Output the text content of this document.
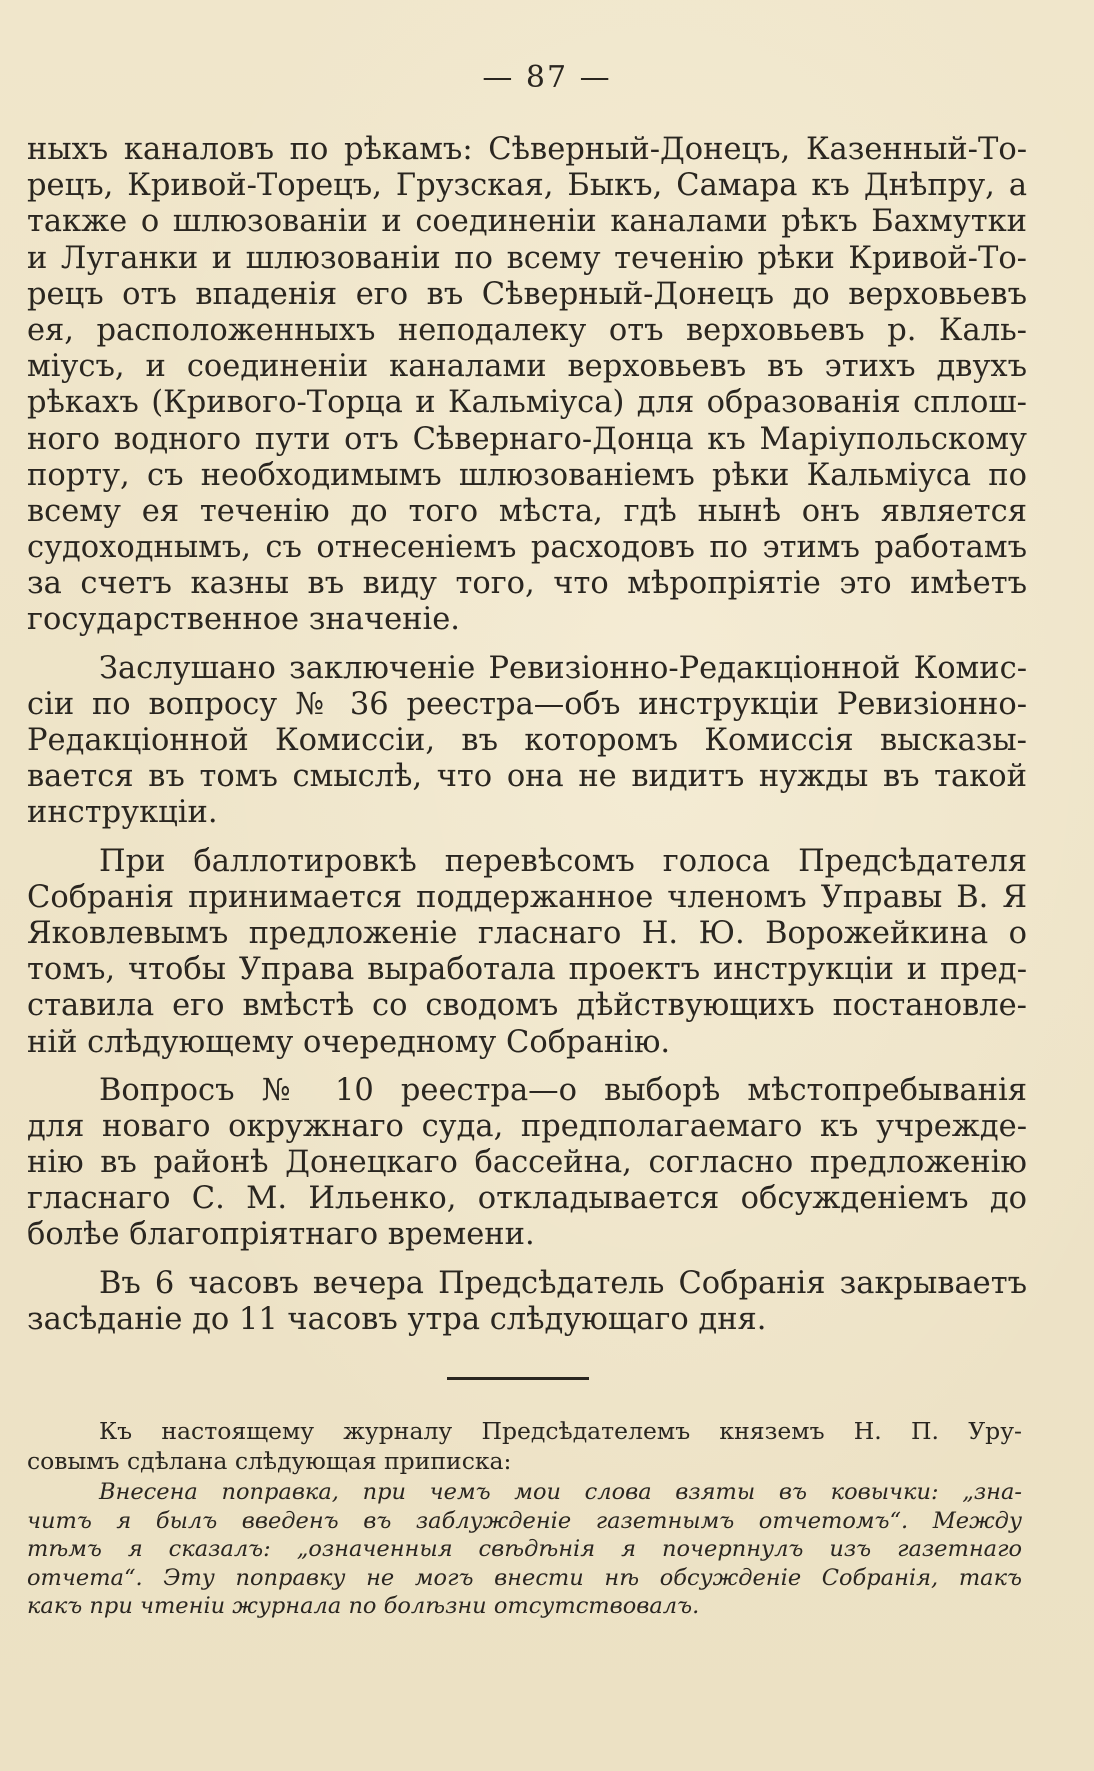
— 87 —
ныхъ каналовъ по рѣкамъ: Сѣверный-Донецъ, Казенный-То-
рецъ, Кривой-Торецъ, Грузская, Быкъ, Самара къ Днѣпру, а
также о шлюзованіи и соединеніи каналами рѣкъ Бахмутки
и Луганки и шлюзованіи по всему теченію рѣки Кривой-То-
рецъ отъ впаденія его въ Сѣверный-Донецъ до верховьевъ
ея, расположенныхъ неподалеку отъ верховьевъ р. Каль-
міусъ, и соединеніи каналами верховьевъ въ этихъ двухъ
рѣкахъ (Кривого-Торца и Кальміуса) для образованія сплош-
ного водного пути отъ Сѣвернаго-Донца къ Маріупольскому
порту, съ необходимымъ шлюзованіемъ рѣки Кальміуса по
всему ея теченію до того мѣста, гдѣ нынѣ онъ является
судоходнымъ, съ отнесеніемъ расходовъ по этимъ работамъ
за счетъ казны въ виду того, что мѣропріятіе это имѣетъ
государственное значеніе.
Заслушано заключеніе Ревизіонно-Редакціонной Комис-
сіи по вопросу № 36 реестра—объ инструкціи Ревизіонно-
Редакціонной Комиссіи, въ которомъ Комиссія высказы-
вается въ томъ смыслѣ, что она не видитъ нужды въ такой
инструкціи.
При баллотировкѣ перевѣсомъ голоса Предсѣдателя
Собранія принимается поддержанное членомъ Управы В. Я
Яковлевымъ предложеніе гласнаго Н. Ю. Ворожейкина о
томъ, чтобы Управа выработала проектъ инструкціи и пред-
ставила его вмѣстѣ со сводомъ дѣйствующихъ постановле-
ній слѣдующему очередному Собранію.
Вопросъ № 10 реестра—о выборѣ мѣстопребыванія
для новаго окружнаго суда, предполагаемаго къ учрежде-
нію въ районѣ Донецкаго бассейна, согласно предложенію
гласнаго С. М. Ильенко, откладывается обсужденіемъ до
болѣе благопріятнаго времени.
Въ 6 часовъ вечера Предсѣдатель Собранія закрываетъ
засѣданіе до 11 часовъ утра слѣдующаго дня.
Къ настоящему журналу Предсѣдателемъ княземъ Н. П. Уру-
совымъ сдѣлана слѣдующая приписка:
Внесена поправка, при чемъ мои слова взяты въ ковычки: „зна-
читъ я былъ введенъ въ заблужденіе газетнымъ отчетомъ“. Между
тѣмъ я сказалъ: „означенныя свѣдѣнія я почерпнулъ изъ газетнаго
отчета“. Эту поправку не могъ внести нѣ обсужденіе Собранія, такъ
какъ при чтеніи журнала по болѣзни отсутствовалъ.
